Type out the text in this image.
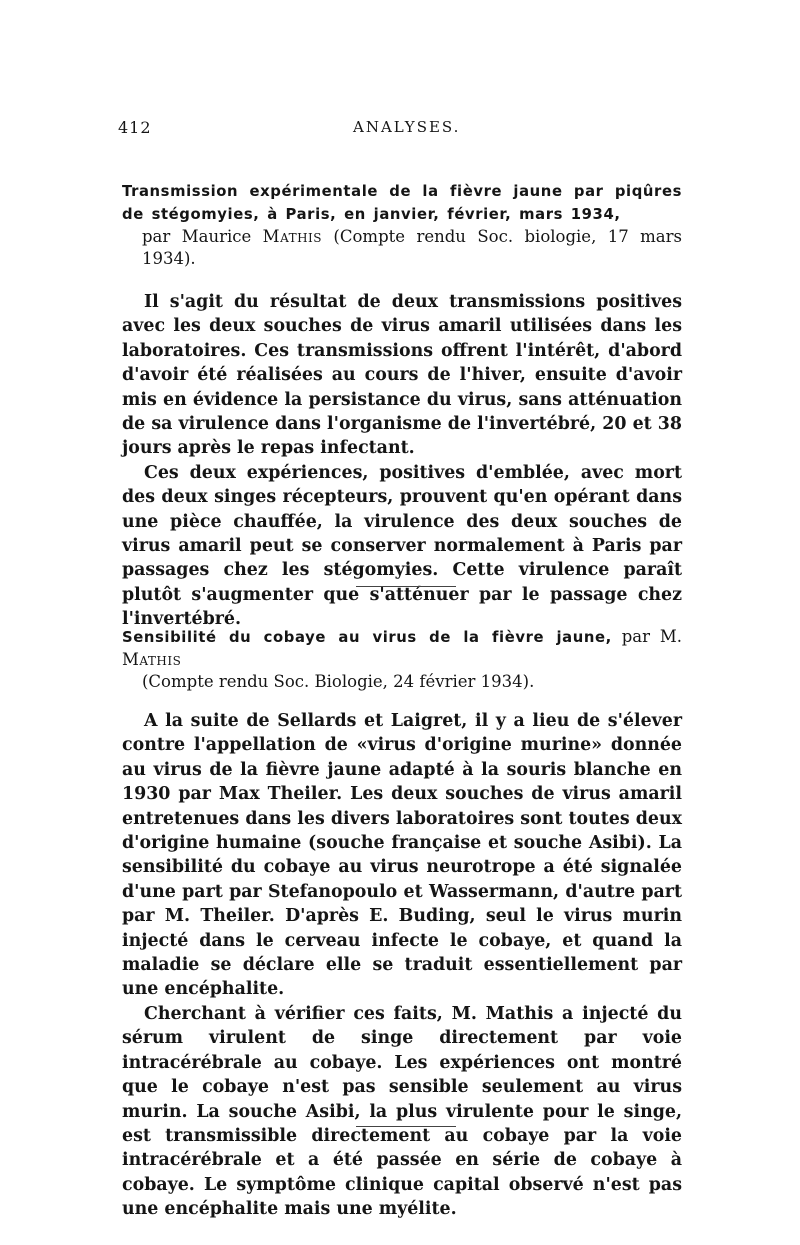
412	ANALYSES.

Transmission expérimentale de la fièvre jaune par piqûres de stégomyies, à Paris, en janvier, février, mars 1934,
par Maurice Mathis (Compte rendu Soc. biologie, 17 mars 1934).

Il s'agit du résultat de deux transmissions positives avec les deux souches de virus amaril utilisées dans les laboratoires. Ces transmissions offrent l'intérêt, d'abord d'avoir été réalisées au cours de l'hiver, ensuite d'avoir mis en évidence la persistance du virus, sans atténuation de sa virulence dans l'organisme de l'invertébré, 20 et 38 jours après le repas infectant.

Ces deux expériences, positives d'emblée, avec mort des deux singes récepteurs, prouvent qu'en opérant dans une pièce chauffée, la virulence des deux souches de virus amaril peut se conserver normalement à Paris par passages chez les stégomyies. Cette virulence paraît plutôt s'augmenter que s'atténuer par le passage chez l'invertébré.

Sensibilité du cobaye au virus de la fièvre jaune, par M. Mathis
(Compte rendu Soc. Biologie, 24 février 1934).

A la suite de Sellards et Laigret, il y a lieu de s'élever contre l'appellation de «virus d'origine murine» donnée au virus de la fièvre jaune adapté à la souris blanche en 1930 par Max Theiler. Les deux souches de virus amaril entretenues dans les divers laboratoires sont toutes deux d'origine humaine (souche française et souche Asibi). La sensibilité du cobaye au virus neurotrope a été signalée d'une part par Stefanopoulo et Wassermann, d'autre part par M. Theiler. D'après E. Buding, seul le virus murin injecté dans le cerveau infecte le cobaye, et quand la maladie se déclare elle se traduit essentiellement par une encéphalite.

Cherchant à vérifier ces faits, M. Mathis a injecté du sérum virulent de singe directement par voie intracérébrale au cobaye. Les expériences ont montré que le cobaye n'est pas sensible seulement au virus murin. La souche Asibi, la plus virulente pour le singe, est transmissible directement au cobaye par la voie intracérébrale et a été passée en série de cobaye à cobaye. Le symptôme clinique capital observé n'est pas une encéphalite mais une myélite.
